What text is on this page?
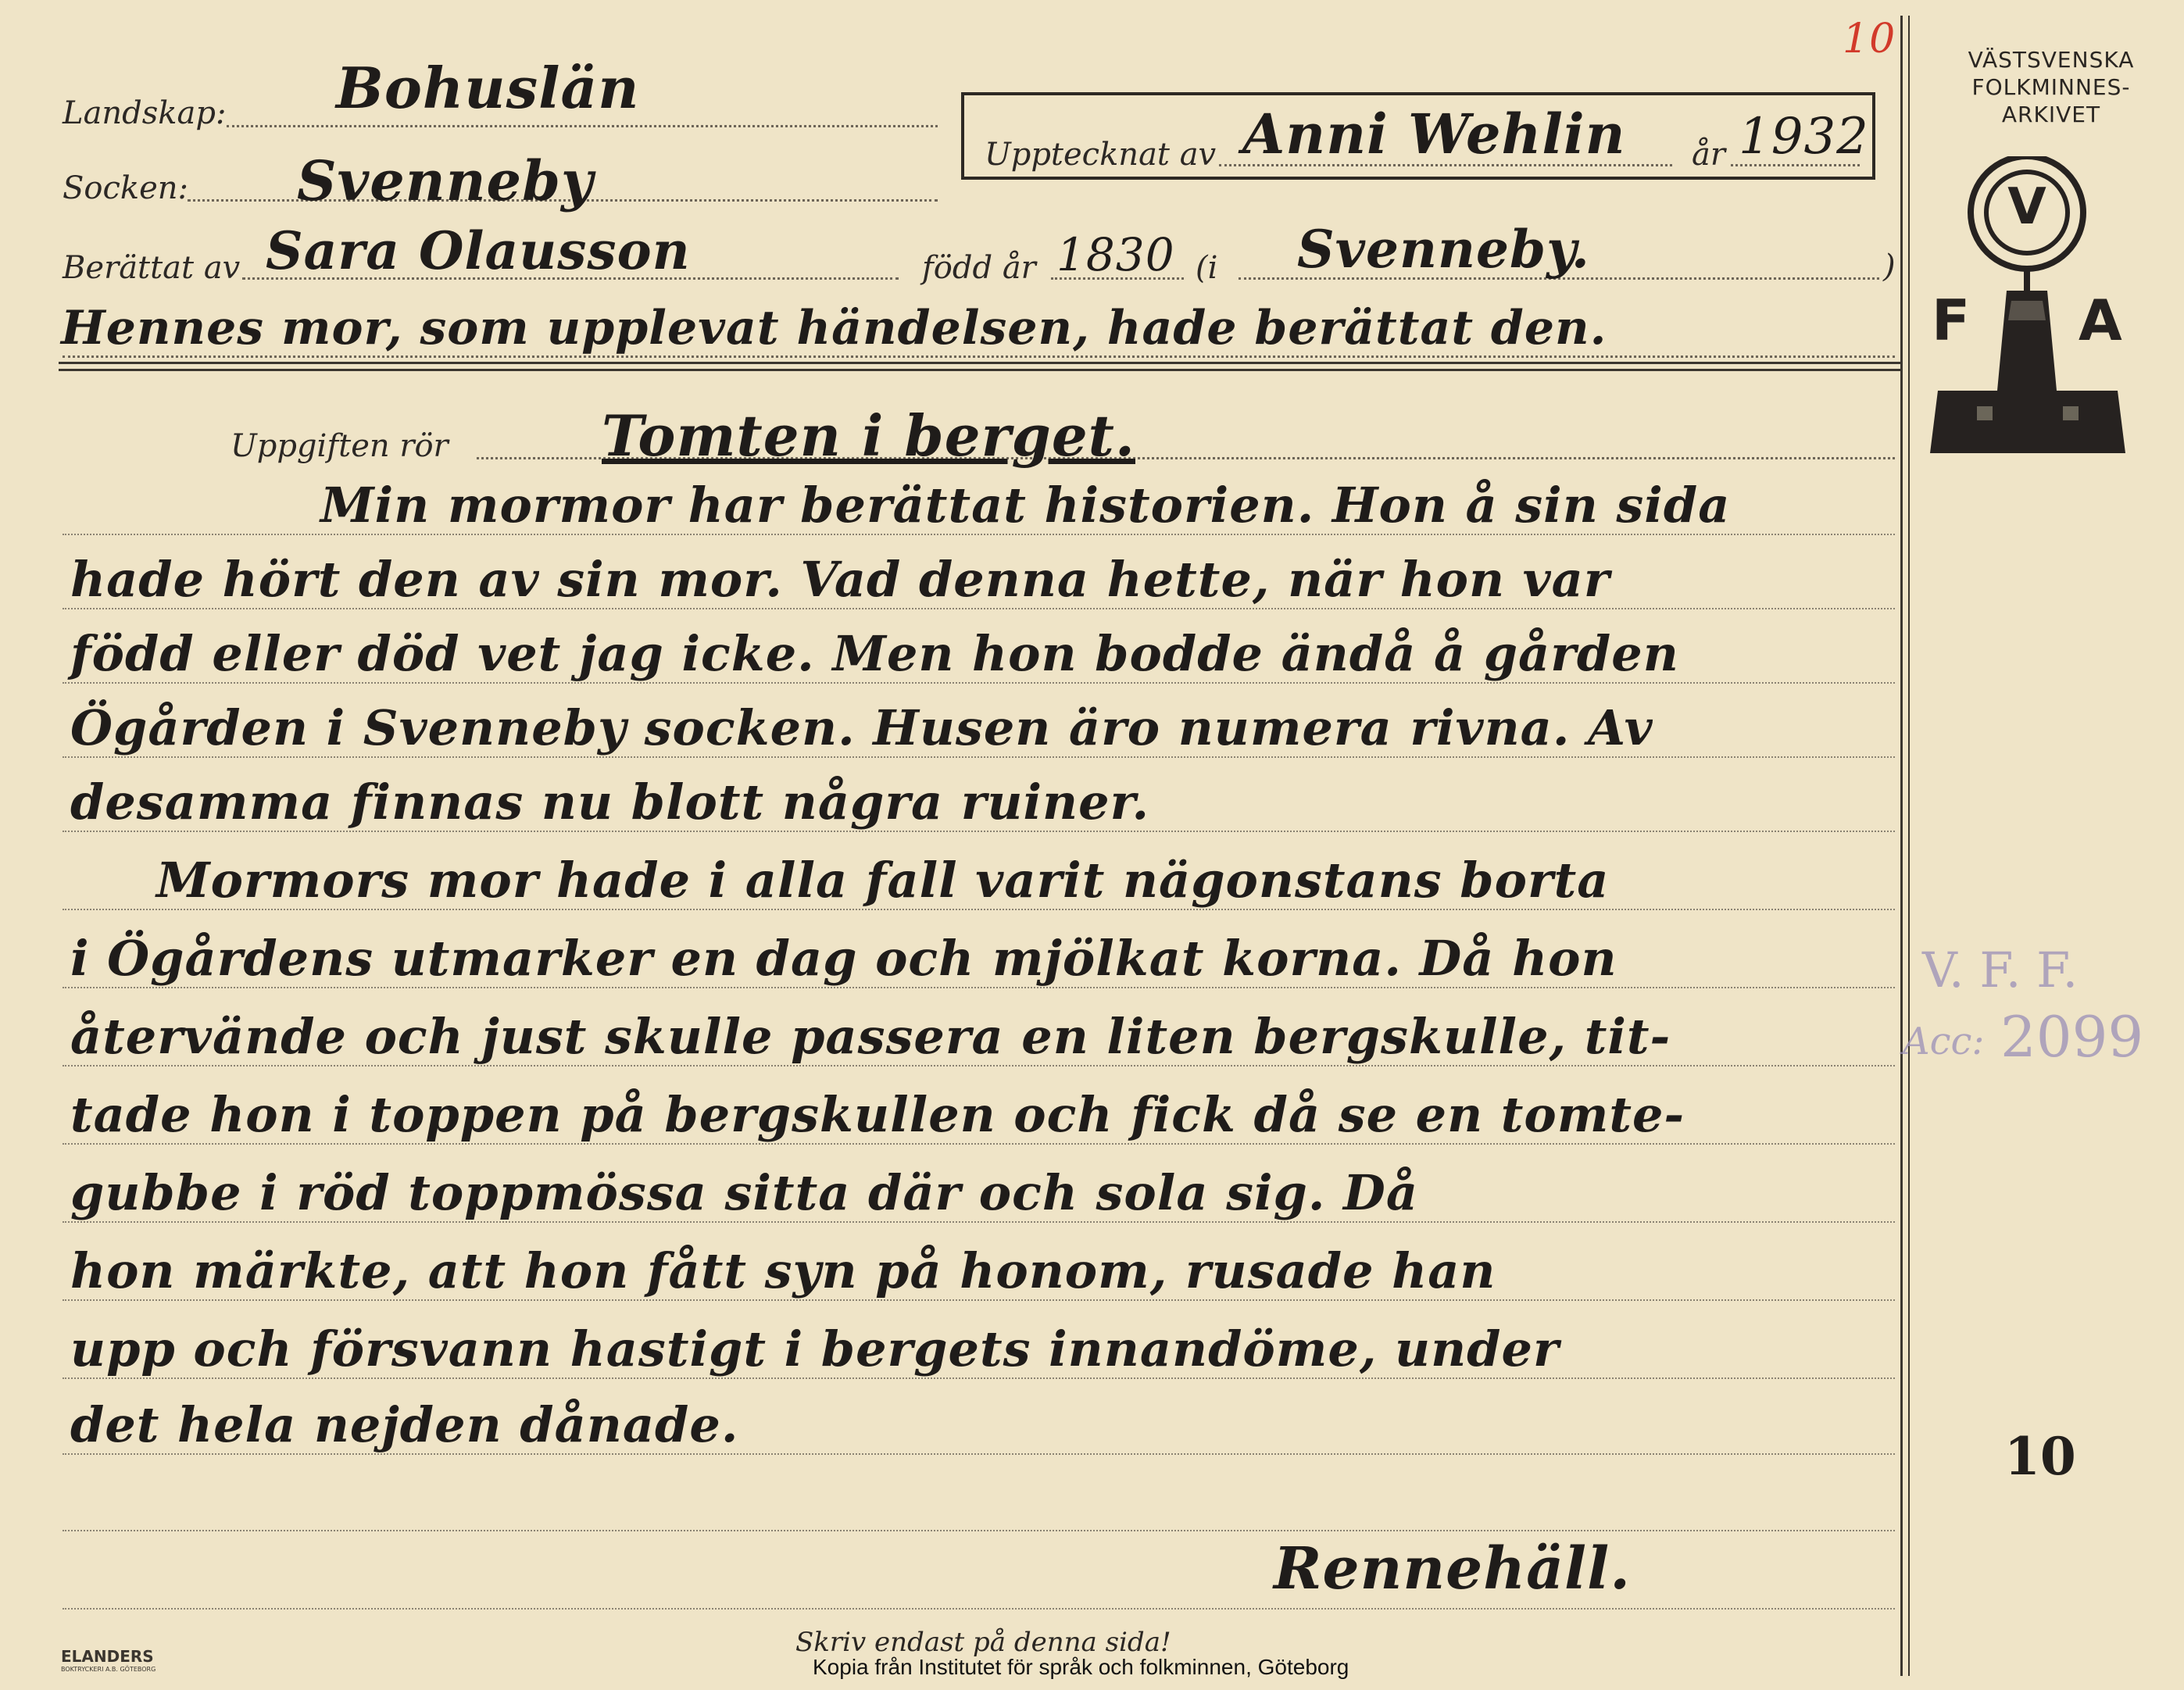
10
Landskap: Bohuslän
Socken: Svenneby	Upptecknat av Anni Wehlin år 1932
Berättat av Sara Olausson	född år 1830 (i Svenneby.	)
Hennes mor, som upplevat händelsen, hade berättat den.
Uppgiften rör	Tomten i berget.
Min mormor har berättat historien. Hon å sin sida
hade hört den av sin mor. Vad denna hette, när hon var
född eller död vet jag icke. Men hon bodde ändå å gården
Ögården i Svenneby socken. Husen äro numera rivna. Av
desamma finnas nu blott några ruiner.
Mormors mor hade i alla fall varit nägonstans borta
i Ögårdens utmarker en dag och mjölkat korna. Då hon
återvände och just skulle passera en liten bergskulle, tit-
tade hon i toppen på bergskullen och fick då se en tomte-
gubbe i röd toppmössa sitta där och sola sig. Då
hon märkte, att hon fått syn på honom, rusade han
upp och försvann hastigt i bergets innandöme, under
det hela nejden dånade.
Rennehäll.
V. F. F.
Acc: 2099
VÄSTSVENSKA
FOLKMINNES-
ARKIVET
V
F A
10
ELANDERS
BOKTRYCKERI A.B. GÖTEBORG
Skriv endast på denna sida!
Kopia från Institutet för språk och folkminnen, Göteborg
